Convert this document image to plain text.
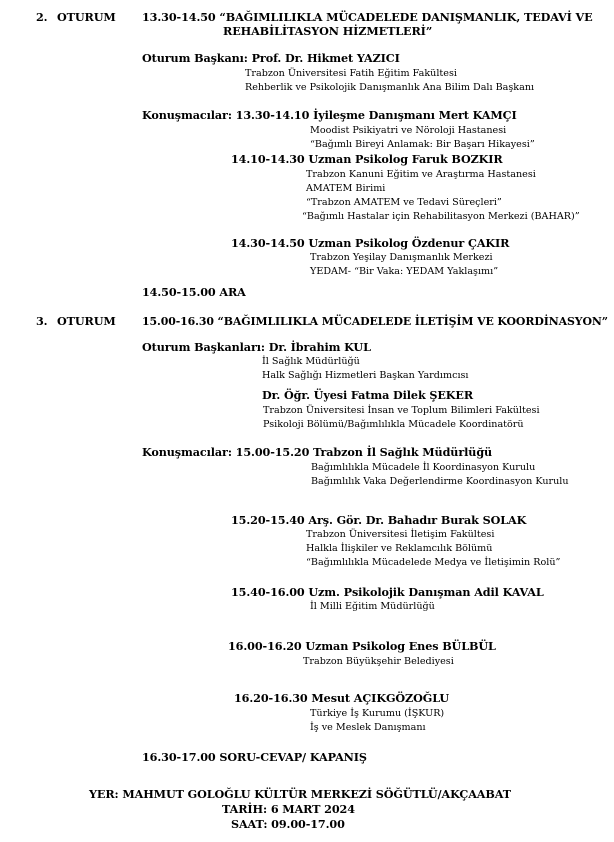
2. OTURUM 13.30-14.50 “BAĞIMLILIKLA MÜCADELEDE DANIŞMANLIK, TEDAVİ VE
REHABİLİTASYON HİZMETLERİ”
Oturum Başkanı: Prof. Dr. Hikmet YAZICI
Trabzon Üniversitesi Fatih Eğitim Fakültesi
Rehberlik ve Psikolojik Danışmanlık Ana Bilim Dalı Başkanı
Konuşmacılar: 13.30-14.10 İyileşme Danışmanı Mert KAMÇI
Moodist Psikiyatri ve Nöroloji Hastanesi
“Bağımlı Bireyi Anlamak: Bir Başarı Hikayesi”
14.10-14.30 Uzman Psikolog Faruk BOZKIR
Trabzon Kanuni Eğitim ve Araştırma Hastanesi
AMATEM Birimi
“Trabzon AMATEM ve Tedavi Süreçleri”
“Bağımlı Hastalar için Rehabilitasyon Merkezi (BAHAR)”
14.30-14.50 Uzman Psikolog Özdenur ÇAKIR
Trabzon Yeşilay Danışmanlık Merkezi
YEDAM- “Bir Vaka: YEDAM Yaklaşımı”
14.50-15.00 ARA
3. OTURUM 15.00-16.30 “BAĞIMLILIKLA MÜCADELEDE İLETİŞİM VE KOORDİNASYON”
Oturum Başkanları: Dr. İbrahim KUL
İl Sağlık Müdürlüğü
Halk Sağlığı Hizmetleri Başkan Yardımcısı
Dr. Öğr. Üyesi Fatma Dilek ŞEKER
Trabzon Üniversitesi İnsan ve Toplum Bilimleri Fakültesi
Psikoloji Bölümü/Bağımlılıkla Mücadele Koordinatörü
Konuşmacılar: 15.00-15.20 Trabzon İl Sağlık Müdürlüğü
Bağımlılıkla Mücadele İl Koordinasyon Kurulu
Bağımlılık Vaka Değerlendirme Koordinasyon Kurulu
15.20-15.40 Arş. Gör. Dr. Bahadır Burak SOLAK
Trabzon Üniversitesi İletişim Fakültesi
Halkla İlişkiler ve Reklamcılık Bölümü
“Bağımlılıkla Mücadelede Medya ve İletişimin Rolü”
15.40-16.00 Uzm. Psikolojik Danışman Adil KAVAL
İl Milli Eğitim Müdürlüğü
16.00-16.20 Uzman Psikolog Enes BÜLBÜL
Trabzon Büyükşehir Belediyesi
16.20-16.30 Mesut AÇIKGÖZOĞLU
Türkiye İş Kurumu (İŞKUR)
İş ve Meslek Danışmanı
16.30-17.00 SORU-CEVAP/ KAPANIŞ
YER: MAHMUT GOLOĞLU KÜLTÜR MERKEZİ SÖĞÜTLÜ/AKÇAABAT
TARİH: 6 MART 2024
SAAT: 09.00-17.00
